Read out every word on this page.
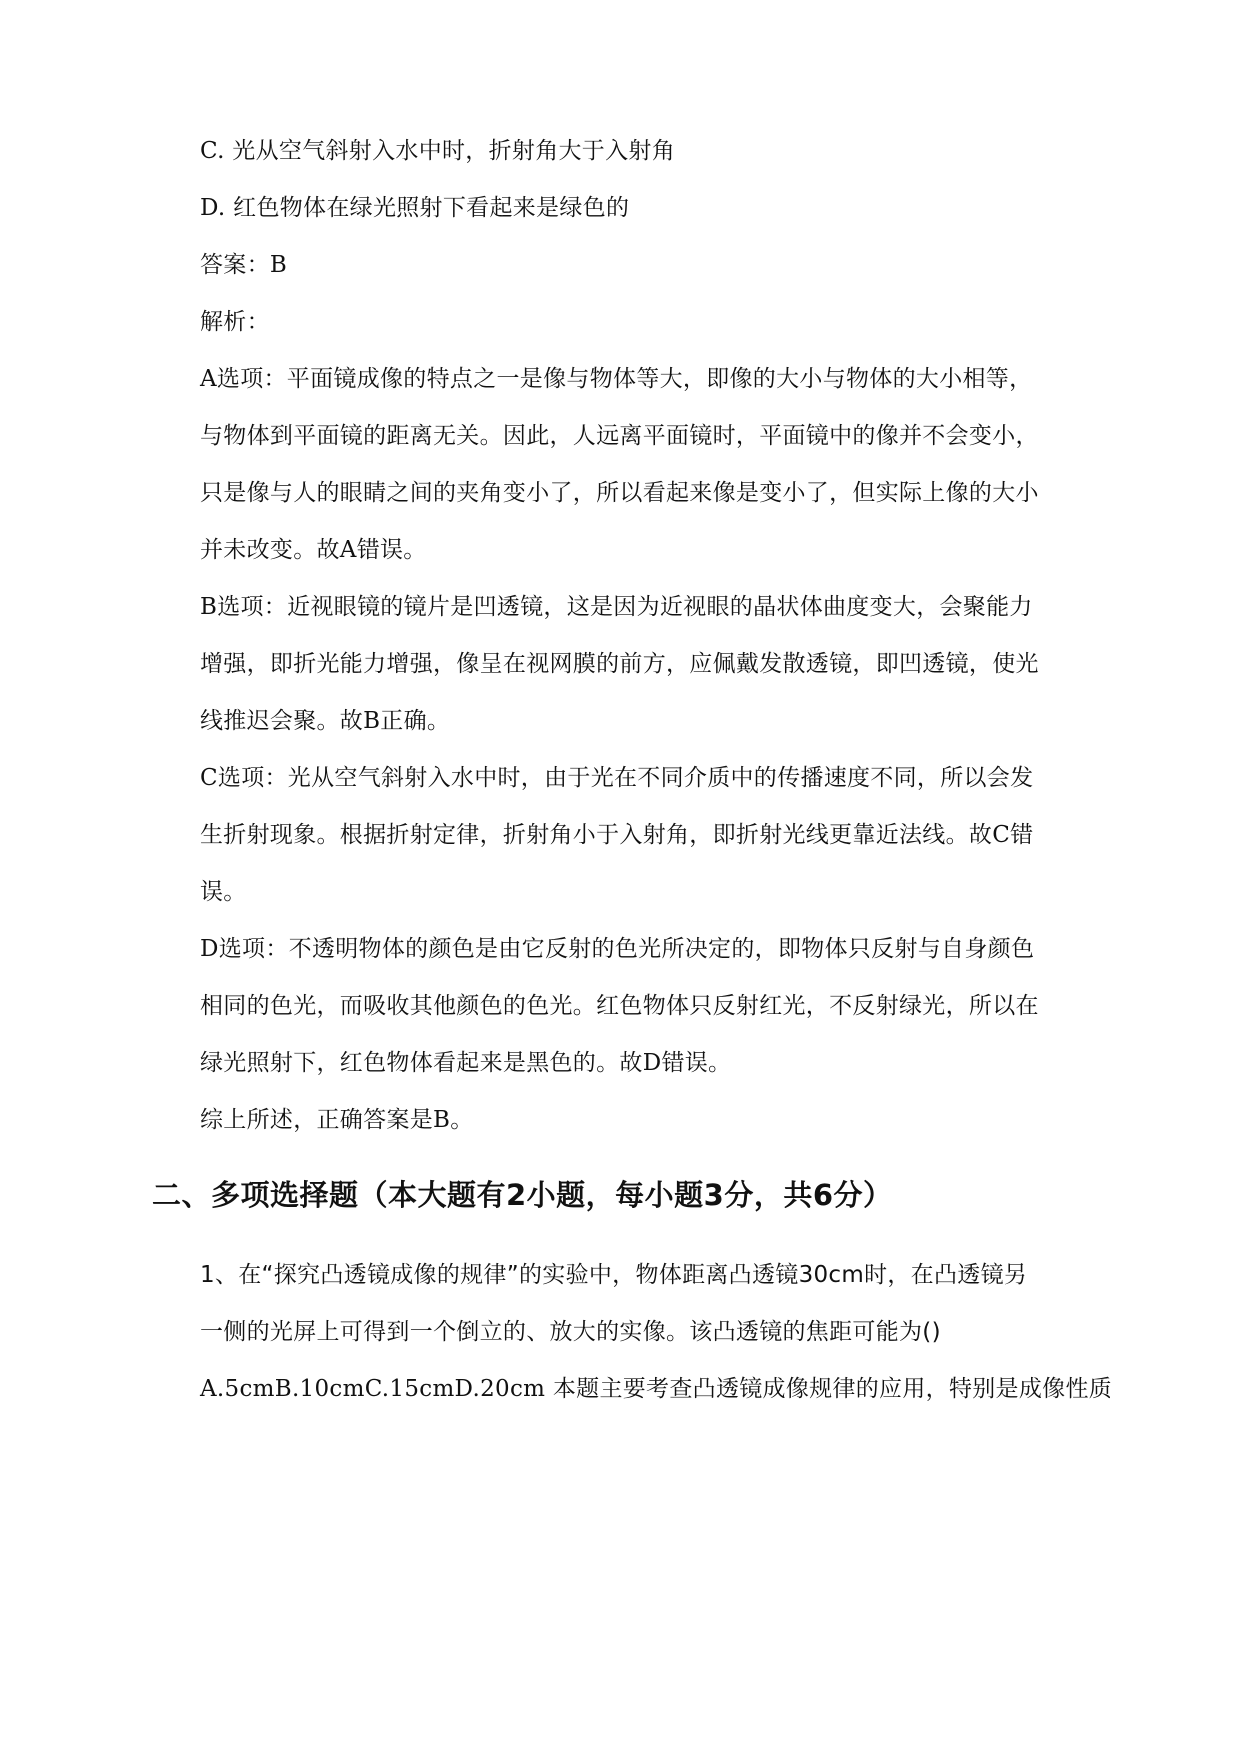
C. 光从空气斜射入水中时，折射角大于入射角
D. 红色物体在绿光照射下看起来是绿色的
答案：B
解析：
A选项：平面镜成像的特点之一是像与物体等大，即像的大小与物体的大小相等，
与物体到平面镜的距离无关。因此，人远离平面镜时，平面镜中的像并不会变小，
只是像与人的眼睛之间的夹角变小了，所以看起来像是变小了，但实际上像的大小
并未改变。故A错误。
B选项：近视眼镜的镜片是凹透镜，这是因为近视眼的晶状体曲度变大，会聚能力
增强，即折光能力增强，像呈在视网膜的前方，应佩戴发散透镜，即凹透镜，使光
线推迟会聚。故B正确。
C选项：光从空气斜射入水中时，由于光在不同介质中的传播速度不同，所以会发
生折射现象。根据折射定律，折射角小于入射角，即折射光线更靠近法线。故C错
误。
D选项：不透明物体的颜色是由它反射的色光所决定的，即物体只反射与自身颜色
相同的色光，而吸收其他颜色的色光。红色物体只反射红光，不反射绿光，所以在
绿光照射下，红色物体看起来是黑色的。故D错误。
综上所述，正确答案是B。
二、多项选择题（本大题有2小题，每小题3分，共6分）
1、在“探究凸透镜成像的规律”的实验中，物体距离凸透镜30cm时，在凸透镜另
一侧的光屏上可得到一个倒立的、放大的实像。该凸透镜的焦距可能为()
A.5cmB.10cmC.15cmD.20cm 本题主要考查凸透镜成像规律的应用，特别是成像性质
